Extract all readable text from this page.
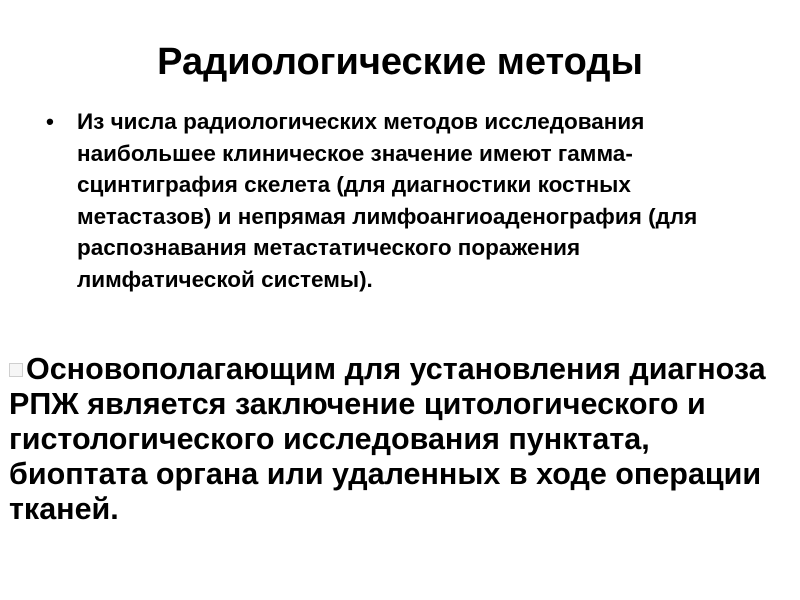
Радиологические методы
• Из числа радиологических методов исследования наибольшее клиническое значение имеют гамма-сцинтиграфия скелета (для диагностики костных метастазов) и непрямая лимфоангиоаденография (для распознавания метастатического поражения лимфатической системы).

Основополагающим для установления диагноза РПЖ является заключение цитологического и гистологического исследования пунктата, биоптата органа или удаленных в ходе операции тканей.
